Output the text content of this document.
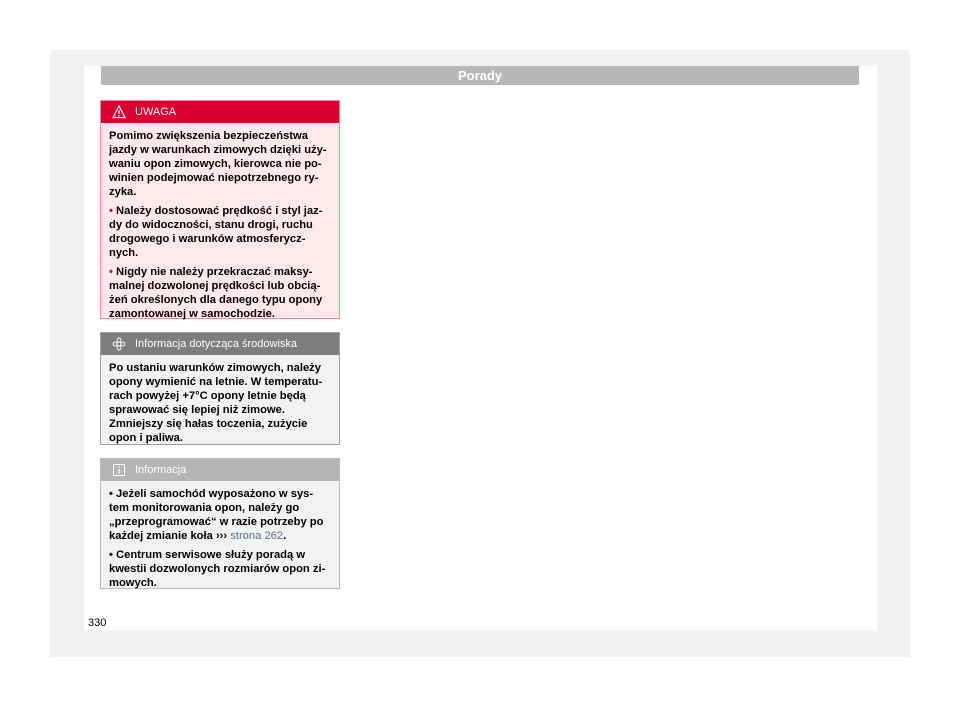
Porady
UWAGA

Pomimo zwiększenia bezpieczeństwa jazdy w warunkach zimowych dzięki uży-waniu opon zimowych, kierowca nie po-winien podejmować niepotrzebnego ry-zyka.

• Należy dostosować prędkość i styl jaz-dy do widoczności, stanu drogi, ruchu drogowego i warunków atmosferycz-nych.

• Nigdy nie należy przekraczać maksy-malnej dozwolonej prędkości lub obcią-żeń określonych dla danego typu opony zamontowanej w samochodzie.

Informacja dotycząca środowiska

Po ustaniu warunków zimowych, należy opony wymienić na letnie. W temperatu-rach powyżej +7°C opony letnie będą sprawować się lepiej niż zimowe. Zmniejszy się hałas toczenia, zużycie opon i paliwa.

Informacja

• Jeżeli samochód wyposażono w sys-tem monitorowania opon, należy go „przeprogramować“ w razie potrzeby po każdej zmianie koła ››› strona 262.

• Centrum serwisowe służy poradą w kwestii dozwolonych rozmiarów opon zi-mowych.

330
